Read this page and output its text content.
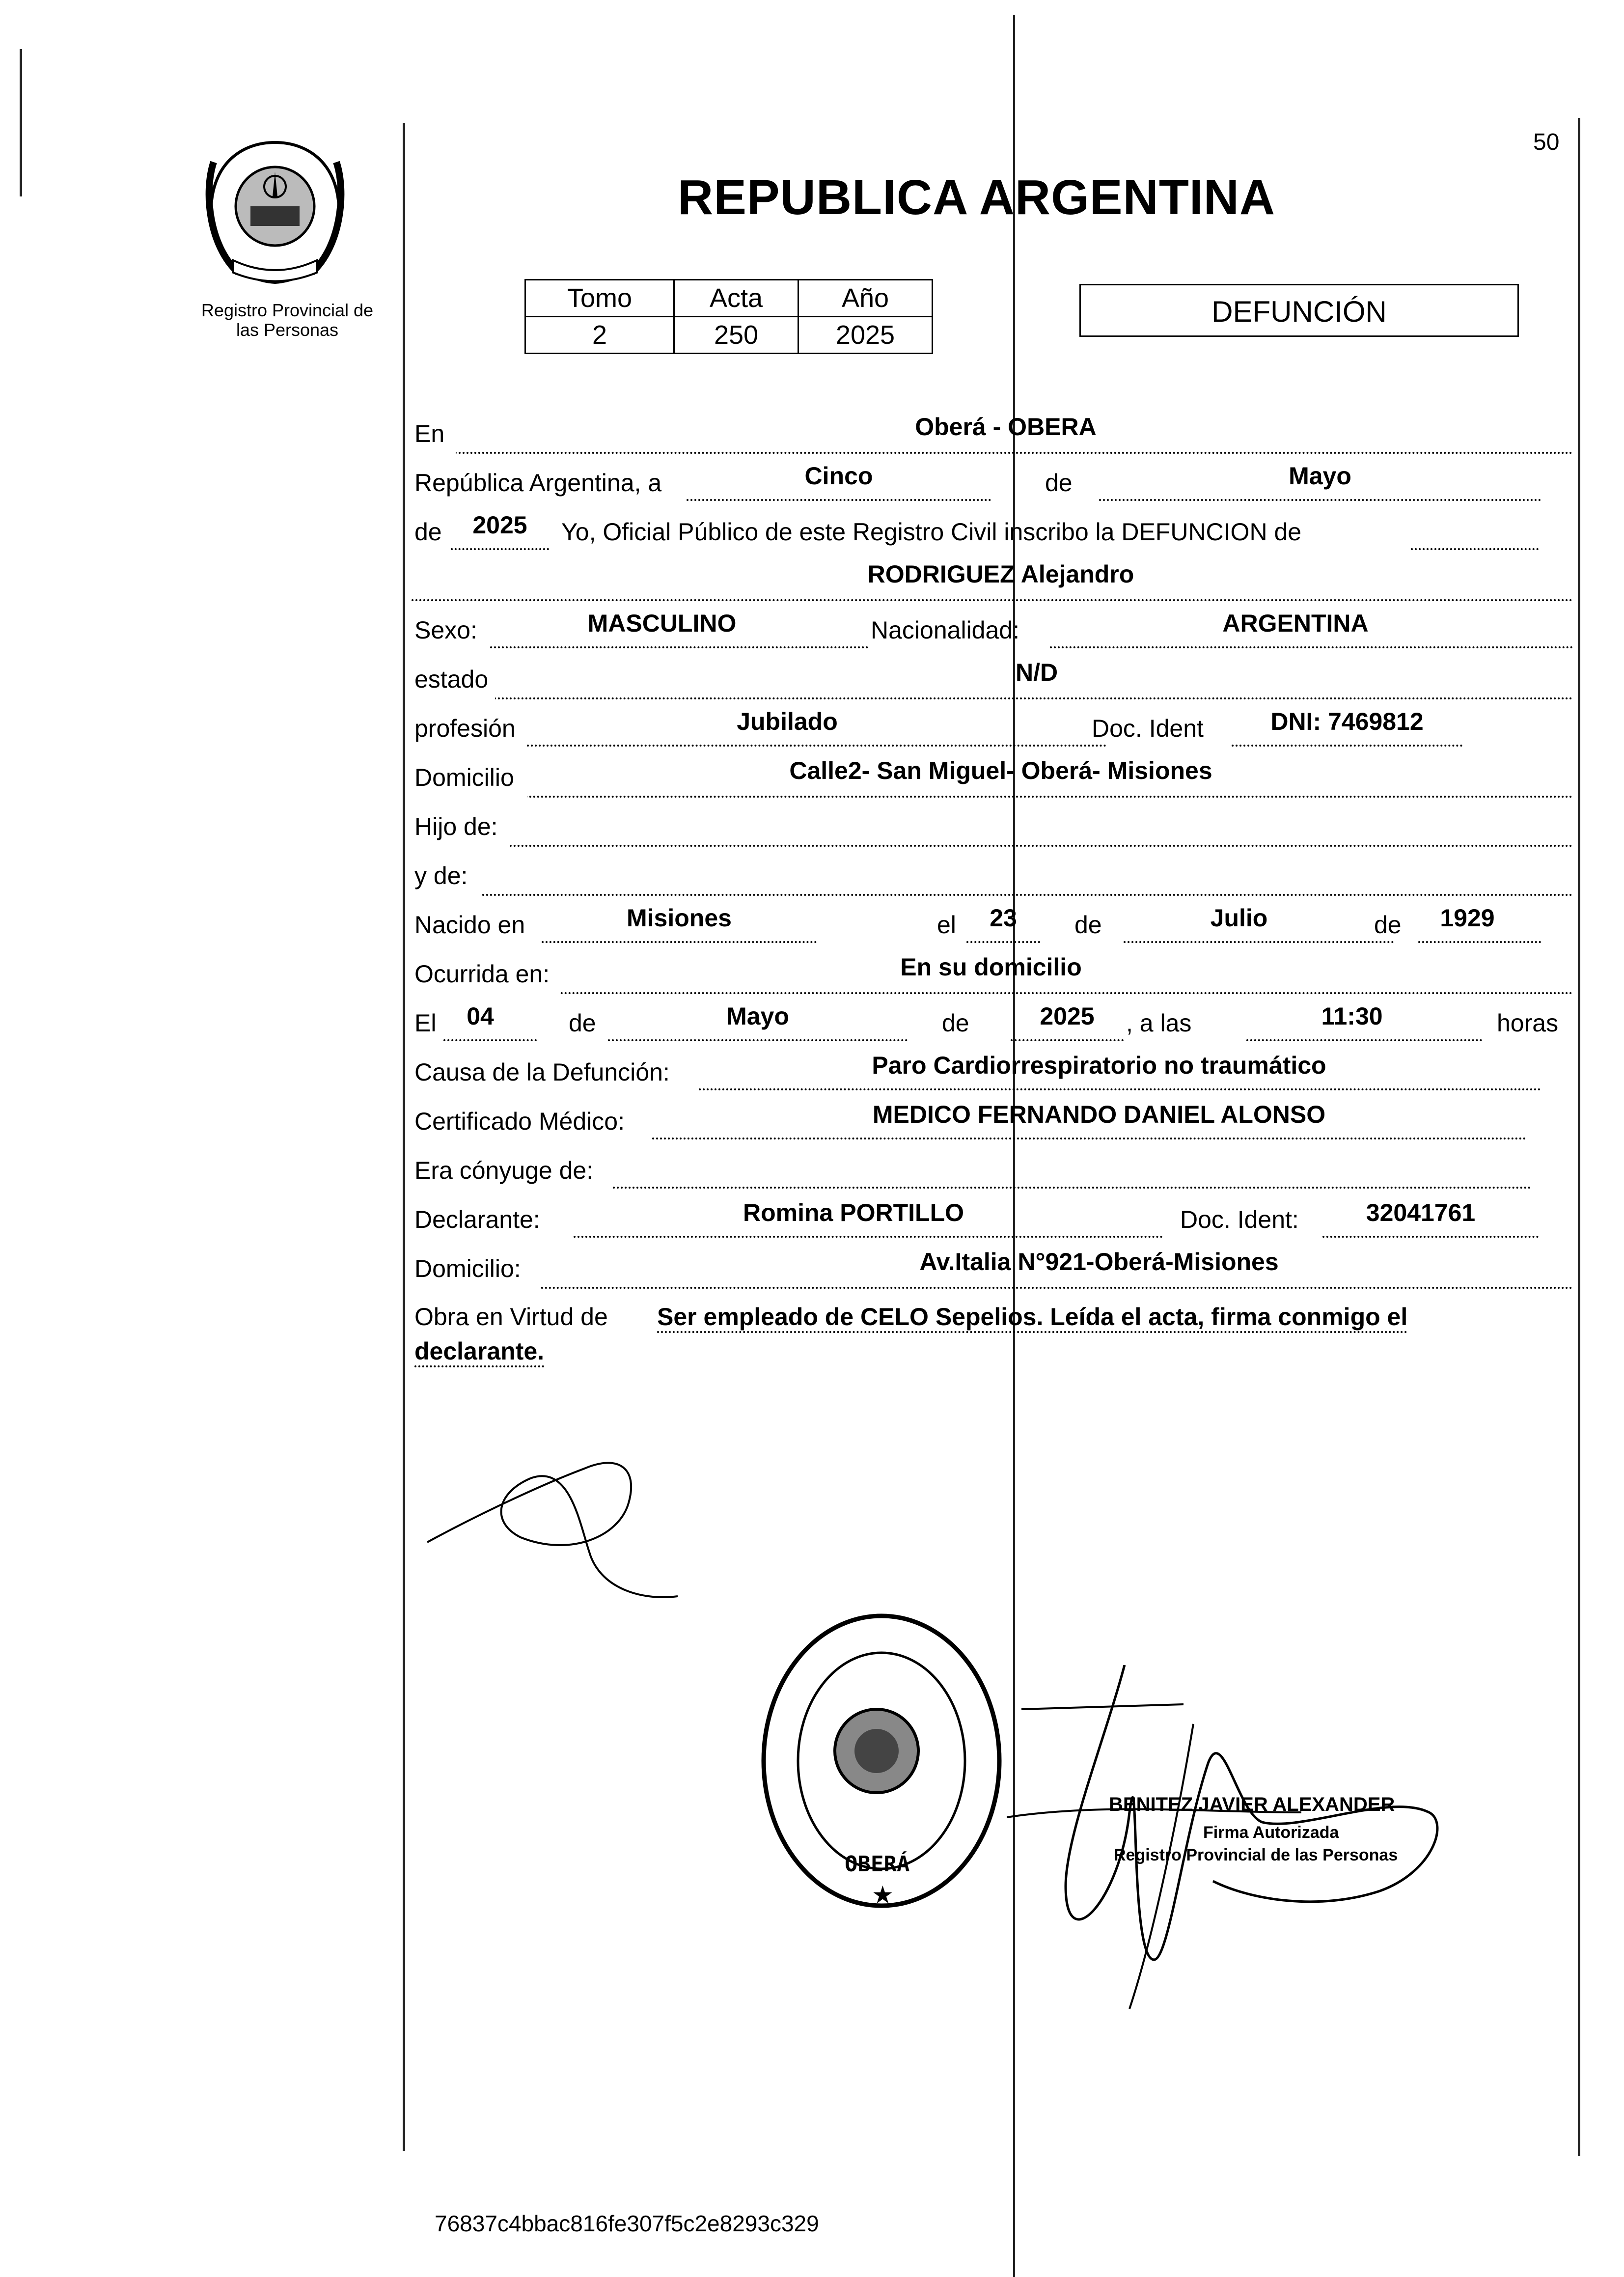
Registro Provincial de las Personas
50
REPUBLICA ARGENTINA
Tomo	Acta	Año
2	250	2025
DEFUNCIÓN
En	Oberá - OBERA
República Argentina, a	Cinco	de	Mayo
de	2025	Yo, Oficial Público de este Registro Civil inscribo la DEFUNCION de
RODRIGUEZ Alejandro
Sexo:	MASCULINO	Nacionalidad:	ARGENTINA
estado	N/D
profesión	Jubilado	Doc. Ident	DNI: 7469812
Domicilio	Calle2- San Miguel- Oberá- Misiones
Hijo de:
y de:
Nacido en	Misiones	el	23	de	Julio	de	1929
Ocurrida en:	En su domicilio
El	04	de	Mayo	de	2025	, a las	11:30	horas
Causa de la Defunción:	Paro Cardiorrespiratorio no traumático
Certificado Médico:	MEDICO FERNANDO DANIEL ALONSO
Era cónyuge de:
Declarante:	Romina PORTILLO	Doc. Ident:	32041761
Domicilio:	Av.Italia N°921-Oberá-Misiones
Obra en Virtud de Ser empleado de CELO Sepelios. Leída el acta, firma conmigo el
declarante.
OBERÁ
★
BENITEZ JAVIER ALEXANDER
Firma Autorizada
Registro Provincial de las Personas
76837c4bbac816fe307f5c2e8293c329
